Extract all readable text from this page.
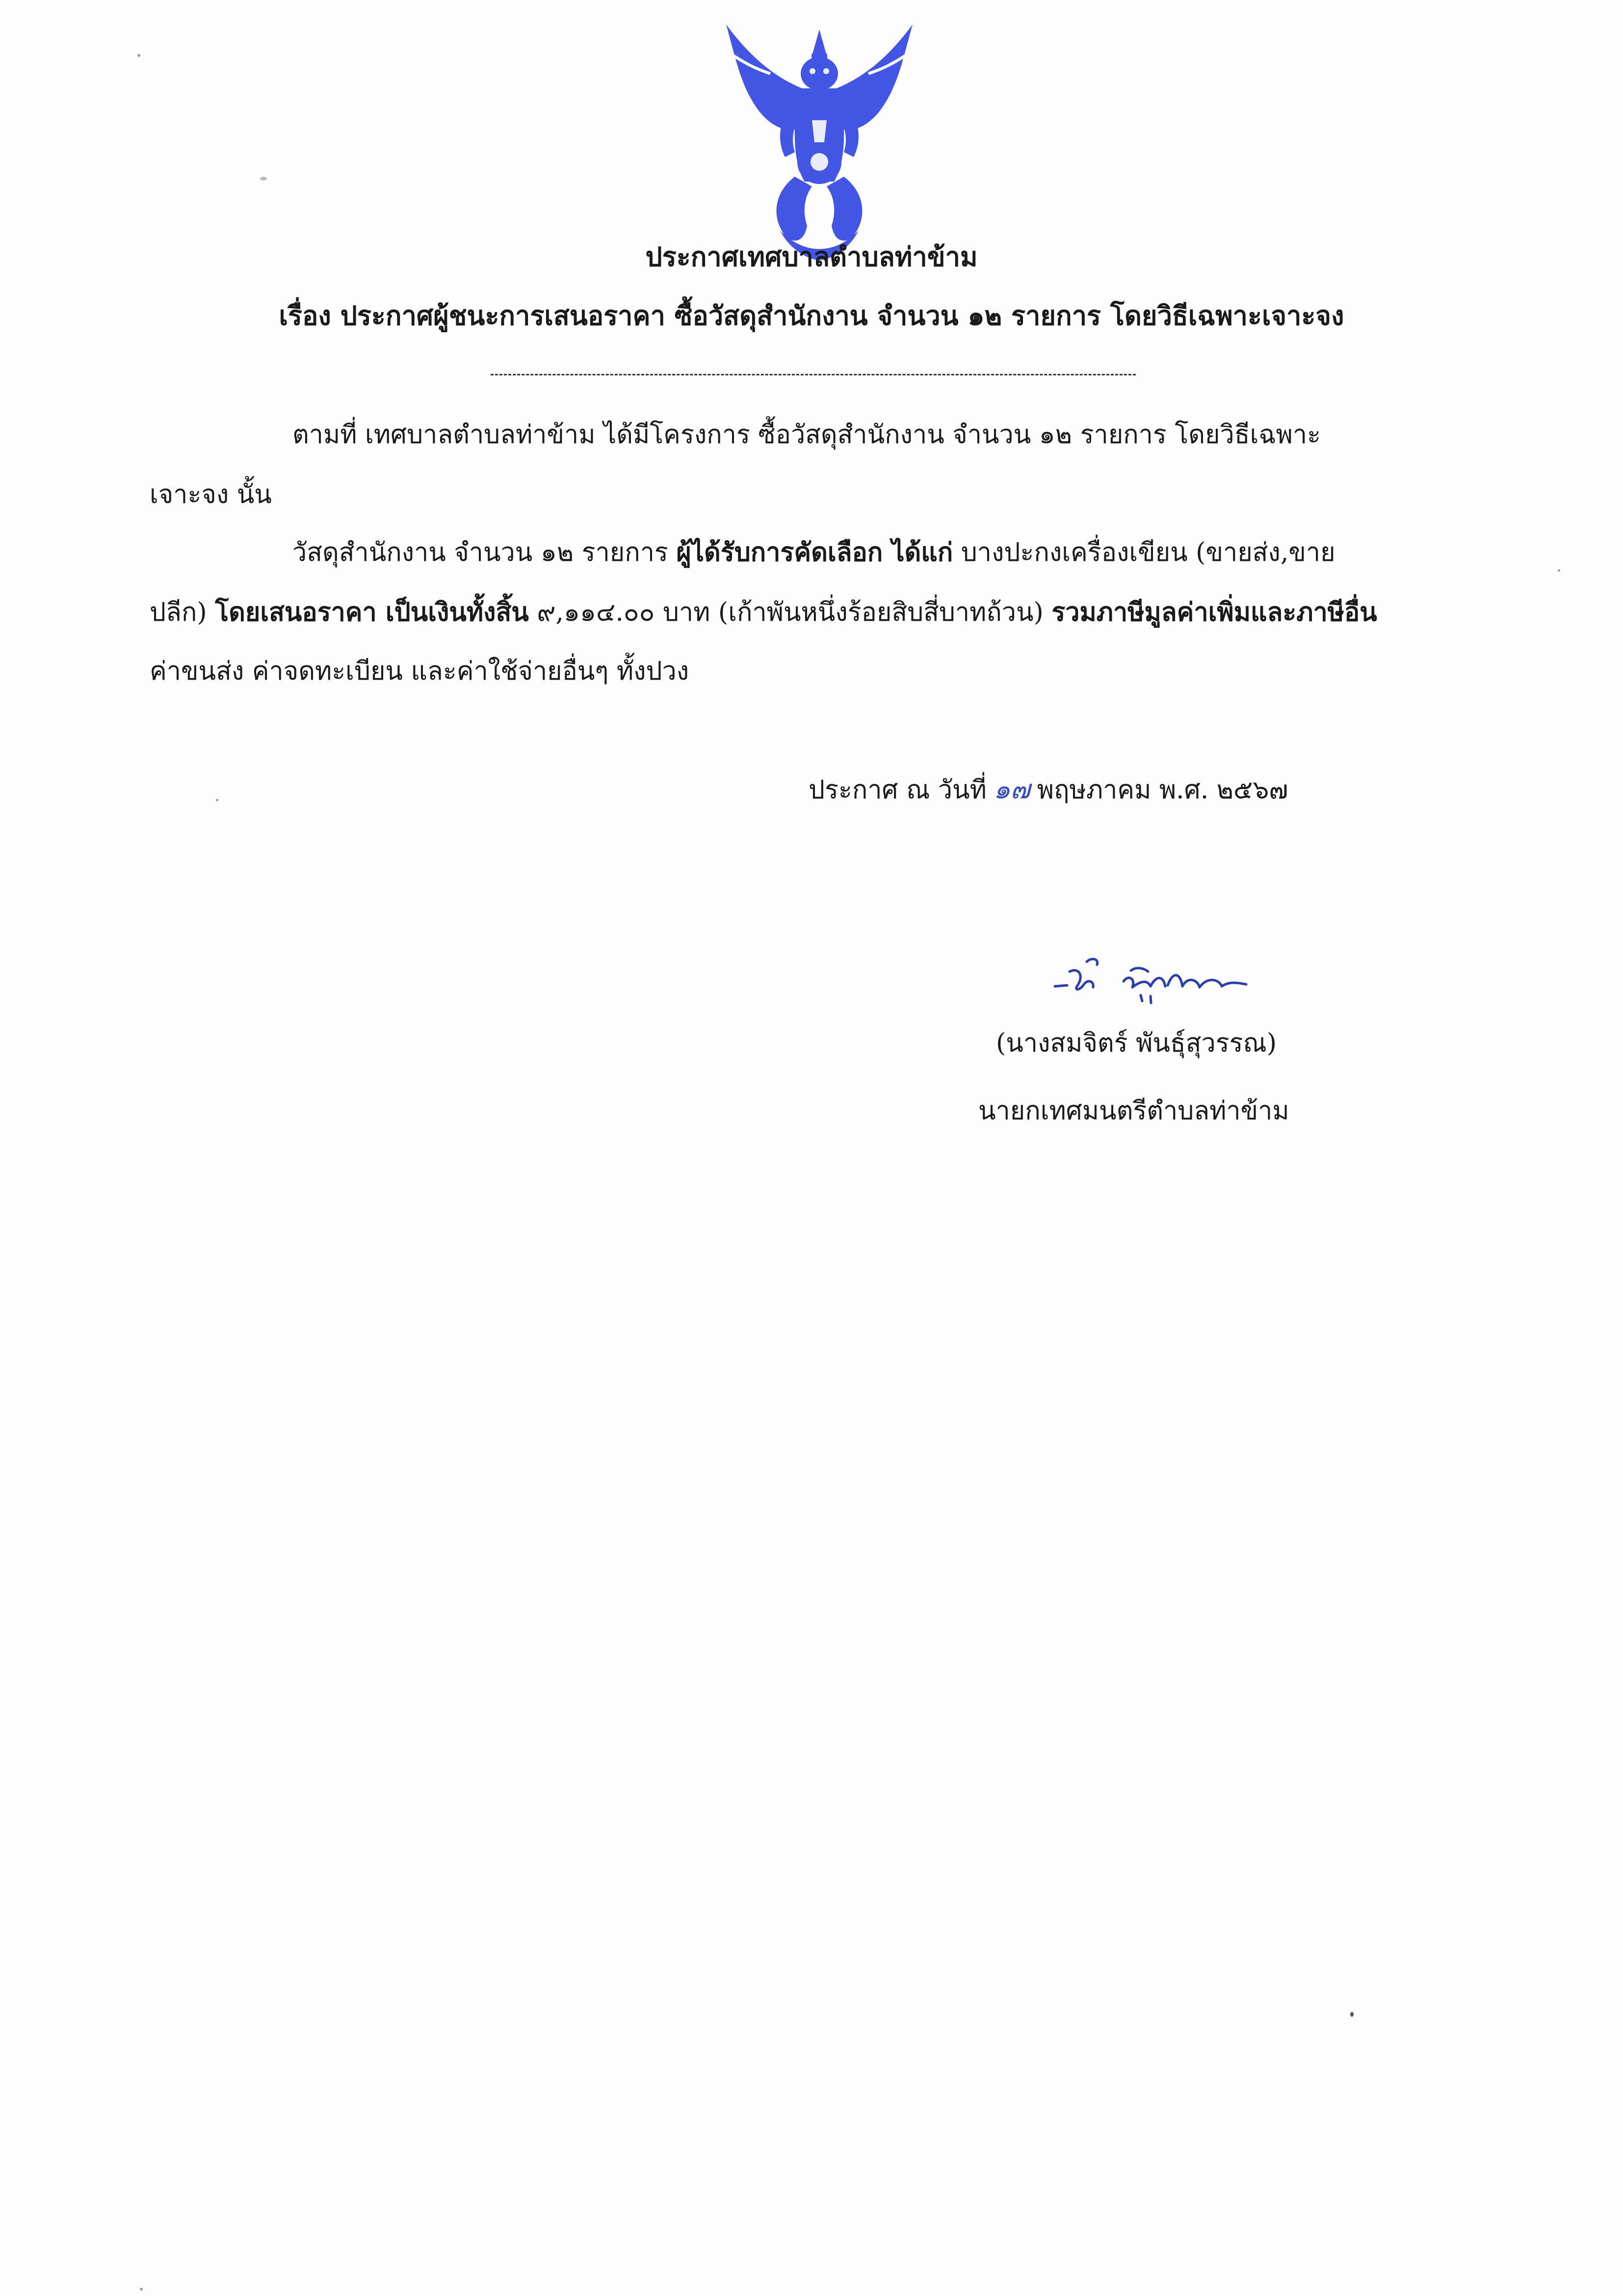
ประกาศเทศบาลตำบลท่าข้าม
เรื่อง ประกาศผู้ชนะการเสนอราคา ซื้อวัสดุสำนักงาน จำนวน ๑๒ รายการ โดยวิธีเฉพาะเจาะจง
ตามที่ เทศบาลตำบลท่าข้าม ได้มีโครงการ ซื้อวัสดุสำนักงาน จำนวน ๑๒ รายการ โดยวิธีเฉพาะ
เจาะจง นั้น
วัสดุสำนักงาน จำนวน ๑๒ รายการ ผู้ได้รับการคัดเลือก ได้แก่ บางปะกงเครื่องเขียน (ขายส่ง,ขาย
ปลีก) โดยเสนอราคา เป็นเงินทั้งสิ้น ๙,๑๑๔.๐๐ บาท (เก้าพันหนึ่งร้อยสิบสี่บาทถ้วน) รวมภาษีมูลค่าเพิ่มและภาษีอื่น
ค่าขนส่ง ค่าจดทะเบียน และค่าใช้จ่ายอื่นๆ ทั้งปวง
ประกาศ ณ วันที่ ๑๗ พฤษภาคม พ.ศ. ๒๕๖๗
(นางสมจิตร์ พันธุ์สุวรรณ)
นายกเทศมนตรีตำบลท่าข้าม
